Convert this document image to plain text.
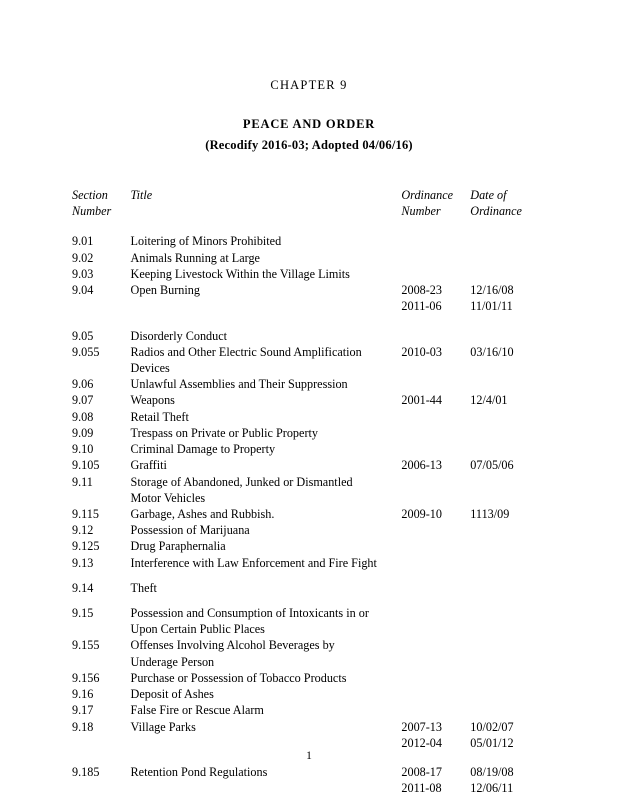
CHAPTER 9
PEACE AND ORDER
(Recodify 2016-03; Adopted 04/06/16)
Section	Title	Ordinance	Date of
Number		Number	Ordinance
9.01	Loitering of Minors Prohibited		
9.02	Animals Running at Large		
9.03	Keeping Livestock Within the Village Limits		
9.04	Open Burning	2008-23	12/16/08
		2011-06	11/01/11

9.05	Disorderly Conduct		
9.055	Radios and Other Electric Sound Amplification	2010-03	03/16/10
	Devices		
9.06	Unlawful Assemblies and Their Suppression		
9.07	Weapons	2001-44	12/4/01
9.08	Retail Theft		
9.09	Trespass on Private or Public Property		
9.10	Criminal Damage to Property		
9.105	Graffiti	2006-13	07/05/06
9.11	Storage of Abandoned, Junked or Dismantled		
	Motor Vehicles		
9.115	Garbage, Ashes and Rubbish.	2009-10	1113/09
9.12	Possession of Marijuana		
9.125	Drug Paraphernalia		
9.13	Interference with Law Enforcement and Fire Fight		

9.14	Theft		

9.15	Possession and Consumption of Intoxicants in or		
	Upon Certain Public Places		
9.155	Offenses Involving Alcohol Beverages by		
	Underage Person		
9.156	Purchase or Possession of Tobacco Products		
9.16	Deposit of Ashes		
9.17	False Fire or Rescue Alarm		
9.18	Village Parks	2007-13	10/02/07
		2012-04	05/01/12

9.185	Retention Pond Regulations	2008-17	08/19/08
		2011-08	12/06/11
1
